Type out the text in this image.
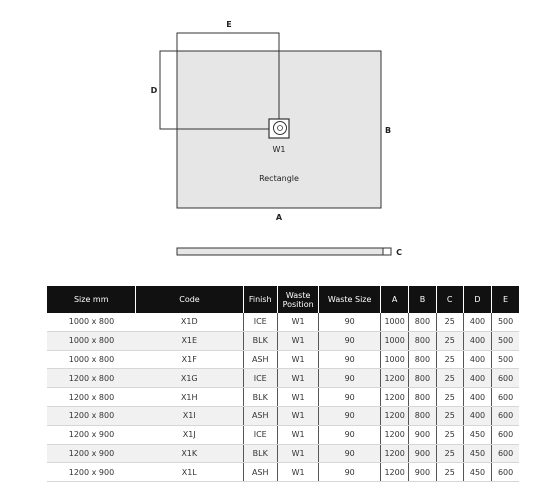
W1
Rectangle
A
B
D
E
C
Size mm	Code	Finish	Waste Position	Waste Size	A	B	C	D	E
1000 x 800	X1D	ICE	W1	90	1000	800	25	400	500
1000 x 800	X1E	BLK	W1	90	1000	800	25	400	500
1000 x 800	X1F	ASH	W1	90	1000	800	25	400	500
1200 x 800	X1G	ICE	W1	90	1200	800	25	400	600
1200 x 800	X1H	BLK	W1	90	1200	800	25	400	600
1200 x 800	X1I	ASH	W1	90	1200	800	25	400	600
1200 x 900	X1J	ICE	W1	90	1200	900	25	450	600
1200 x 900	X1K	BLK	W1	90	1200	900	25	450	600
1200 x 900	X1L	ASH	W1	90	1200	900	25	450	600
